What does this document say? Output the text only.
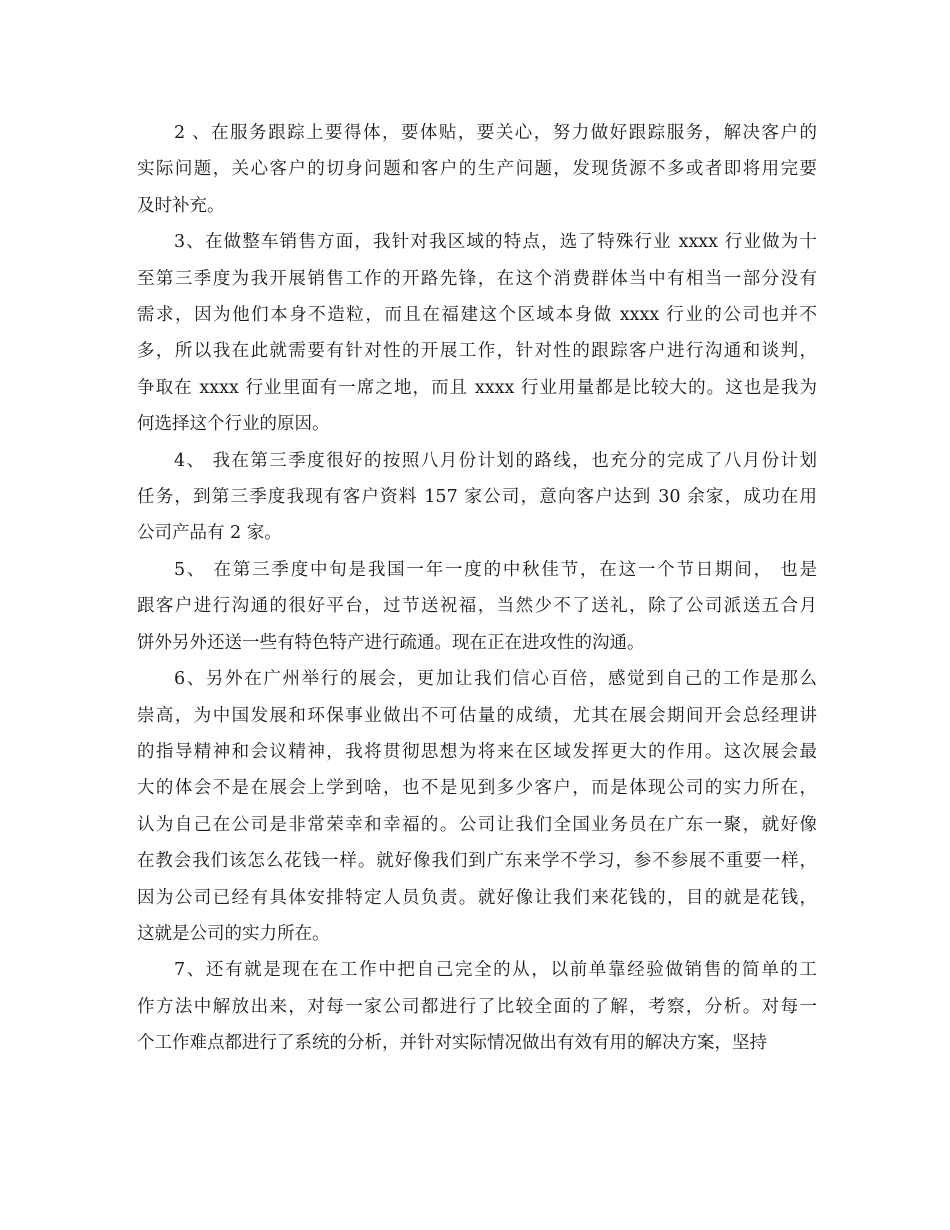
2 、在服务跟踪上要得体，要体贴，要关心，努力做好跟踪服务，解决客户的
实际问题，关心客户的切身问题和客户的生产问题，发现货源不多或者即将用完要
及时补充。
3、在做整车销售方面，我针对我区域的特点，选了特殊行业 xxxx 行业做为十
至第三季度为我开展销售工作的开路先锋，在这个消费群体当中有相当一部分没有
需求，因为他们本身不造粒，而且在福建这个区域本身做 xxxx 行业的公司也并不
多，所以我在此就需要有针对性的开展工作，针对性的跟踪客户进行沟通和谈判，
争取在 xxxx 行业里面有一席之地，而且 xxxx 行业用量都是比较大的。这也是我为
何选择这个行业的原因。
4、 我在第三季度很好的按照八月份计划的路线，也充分的完成了八月份计划
任务，到第三季度我现有客户资料 157 家公司，意向客户达到 30 余家，成功在用
公司产品有 2 家。
5、 在第三季度中旬是我国一年一度的中秋佳节，在这一个节日期间， 也是
跟客户进行沟通的很好平台，过节送祝福，当然少不了送礼，除了公司派送五合月
饼外另外还送一些有特色特产进行疏通。现在正在进攻性的沟通。
6、另外在广州举行的展会，更加让我们信心百倍，感觉到自己的工作是那么
崇高，为中国发展和环保事业做出不可估量的成绩，尤其在展会期间开会总经理讲
的指导精神和会议精神，我将贯彻思想为将来在区域发挥更大的作用。这次展会最
大的体会不是在展会上学到啥，也不是见到多少客户，而是体现公司的实力所在，
认为自己在公司是非常荣幸和幸福的。公司让我们全国业务员在广东一聚，就好像
在教会我们该怎么花钱一样。就好像我们到广东来学不学习，参不参展不重要一样，
因为公司已经有具体安排特定人员负责。就好像让我们来花钱的，目的就是花钱，
这就是公司的实力所在。
7、还有就是现在在工作中把自己完全的从，以前单靠经验做销售的简单的工
作方法中解放出来，对每一家公司都进行了比较全面的了解，考察，分析。对每一
个工作难点都进行了系统的分析，并针对实际情况做出有效有用的解决方案，坚持
